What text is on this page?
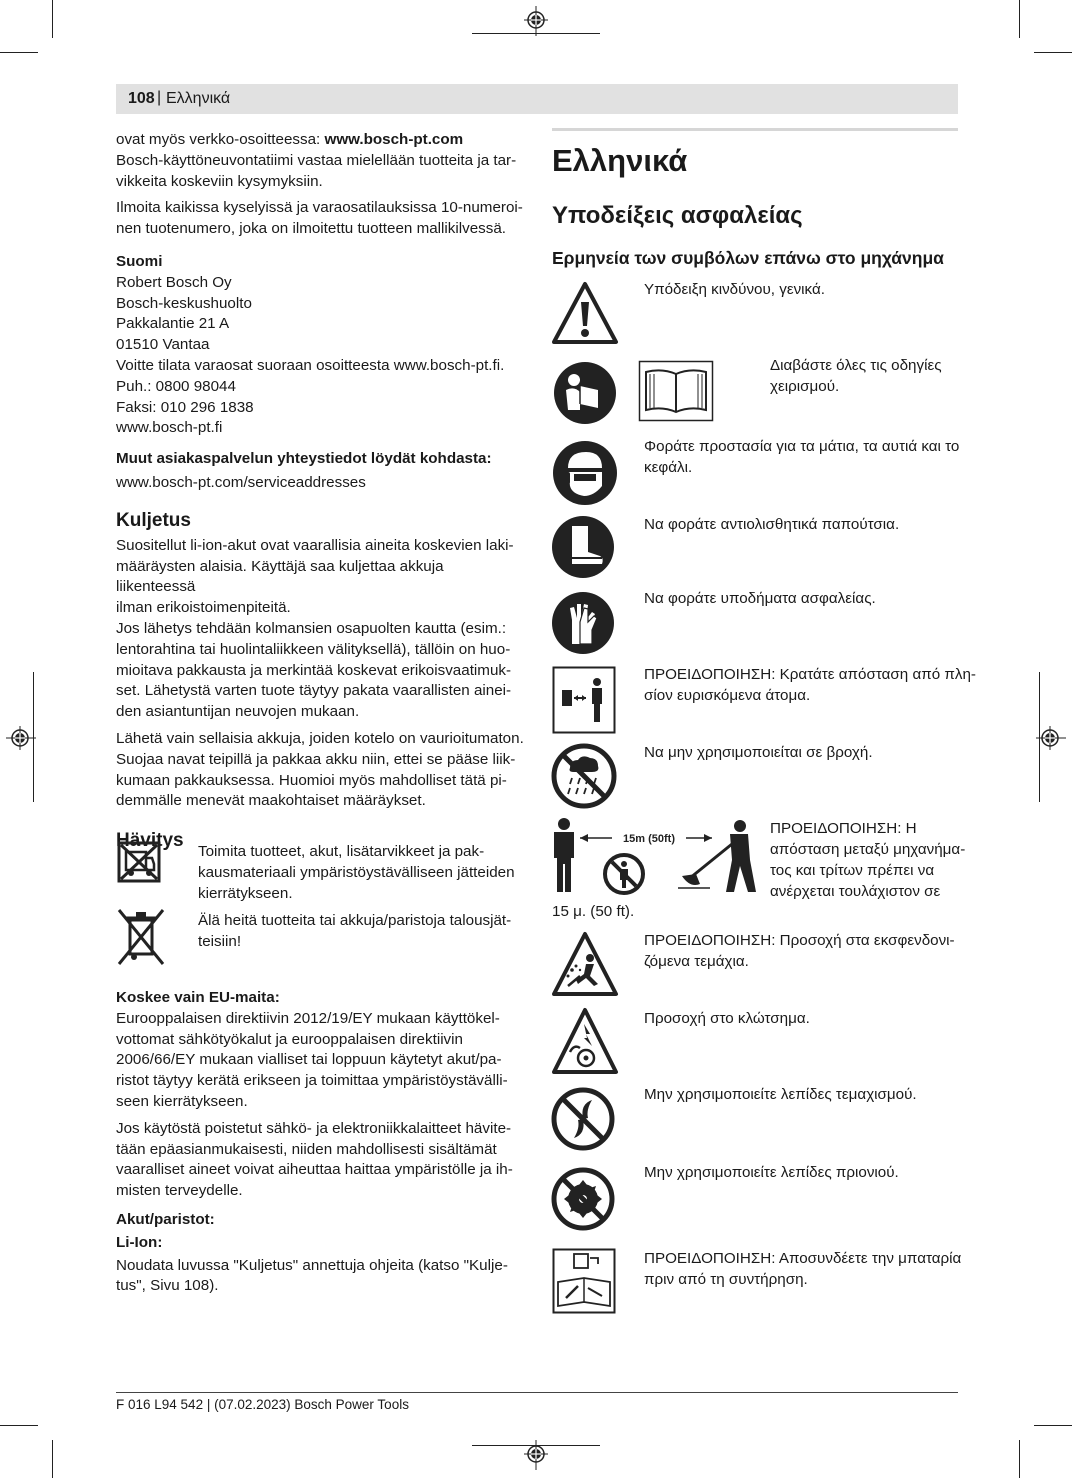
108 | Ελληνικά

ovat myös verkko-osoitteessa: www.bosch-pt.com
Bosch-käyttöneuvontatiimi vastaa mielellään tuotteita ja tar-
vikkeita koskeviin kysymyksiin.

Ilmoita kaikissa kyselyissä ja varaosatilauksissa 10-numeroi-
nen tuotenumero, joka on ilmoitettu tuotteen mallikilvessä.

Suomi

Robert Bosch Oy
Bosch-keskushuolto
Pakkalantie 21 A
01510 Vantaa
Voitte tilata varaosat suoraan osoitteesta www.bosch-pt.fi.
Puh.: 0800 98044
Faksi: 010 296 1838
www.bosch-pt.fi

Muut asiakaspalvelun yhteystiedot löydät kohdasta:

www.bosch-pt.com/serviceaddresses

Kuljetus

Suositellut li-ion-akut ovat vaarallisia aineita koskevien laki-
määräysten alaisia. Käyttäjä saa kuljettaa akkuja liikenteessä
ilman erikoistoimenpiteitä.

Jos lähetys tehdään kolmansien osapuolten kautta (esim.:
lentorahtina tai huolintaliikkeen välityksellä), tällöin on huo-
mioitava pakkausta ja merkintää koskevat erikoisvaatimuk-
set. Lähetystä varten tuote täytyy pakata vaarallisten ainei-
den asiantuntijan neuvojen mukaan.

Lähetä vain sellaisia akkuja, joiden kotelo on vaurioitumaton.
Suojaa navat teipillä ja pakkaa akku niin, ettei se pääse liik-
kumaan pakkauksessa. Huomioi myös mahdolliset tätä pi-
demmälle menevät maakohtaiset määräykset.

Hävitys
Toimita tuotteet, akut, lisätarvikkeet ja pak-
kausmateriaali ympäristöystävälliseen jätteiden
kierrätykseen.
Älä heitä tuotteita tai akkuja/paristoja talousjät-
teisiin!

Koskee vain EU-maita:

Eurooppalaisen direktiivin 2012/19/EY mukaan käyttökel-
vottomat sähkötyökalut ja eurooppalaisen direktiivin
2006/66/EY mukaan vialliset tai loppuun käytetyt akut/pa-
ristot täytyy kerätä erikseen ja toimittaa ympäristöystävälli-
seen kierrätykseen.

Jos käytöstä poistetut sähkö- ja elektroniikkalaitteet hävite-
tään epäasianmukaisesti, niiden mahdollisesti sisältämät
vaaralliset aineet voivat aiheuttaa haittaa ympäristölle ja ih-
misten terveydelle.

Akut/paristot:

Li-Ion:

Noudata luvussa "Kuljetus" annettuja ohjeita (katso "Kulje-
tus", Sivu 108).

Ελληνικά
Υποδείξεις ασφαλείας
Ερμηνεία των συμβόλων επάνω στο μηχάνημα
Υπόδειξη κινδύνου, γενικά.
Διαβάστε όλες τις οδηγίες
χειρισμού.
Φοράτε προστασία για τα μάτια, τα αυτιά και το
κεφάλι.
Να φοράτε αντιολισθητικά παπούτσια.
Να φοράτε υποδήματα ασφαλείας.
ΠΡΟΕΙΔΟΠΟΙΗΣΗ: Κρατάτε απόσταση από πλη-
σίον ευρισκόμενα άτομα.
Να μην χρησιμοποιείται σε βροχή.
15m (50ft)
ΠΡΟΕΙΔΟΠΟΙΗΣΗ: Η
απόσταση μεταξύ μηχανήμα-
τος και τρίτων πρέπει να
ανέρχεται τουλάχιστον σε
15 μ. (50 ft).
ΠΡΟΕΙΔΟΠΟΙΗΣΗ: Προσοχή στα εκσφενδονι-
ζόμενα τεμάχια.
Προσοχή στο κλώτσημα.
Μην χρησιμοποιείτε λεπίδες τεμαχισμού.
Μην χρησιμοποιείτε λεπίδες πριονιού.
ΠΡΟΕΙΔΟΠΟΙΗΣΗ: Αποσυνδέετε την μπαταρία
πριν από τη συντήρηση.
F 016 L94 542 | (07.02.2023) Bosch Power Tools
